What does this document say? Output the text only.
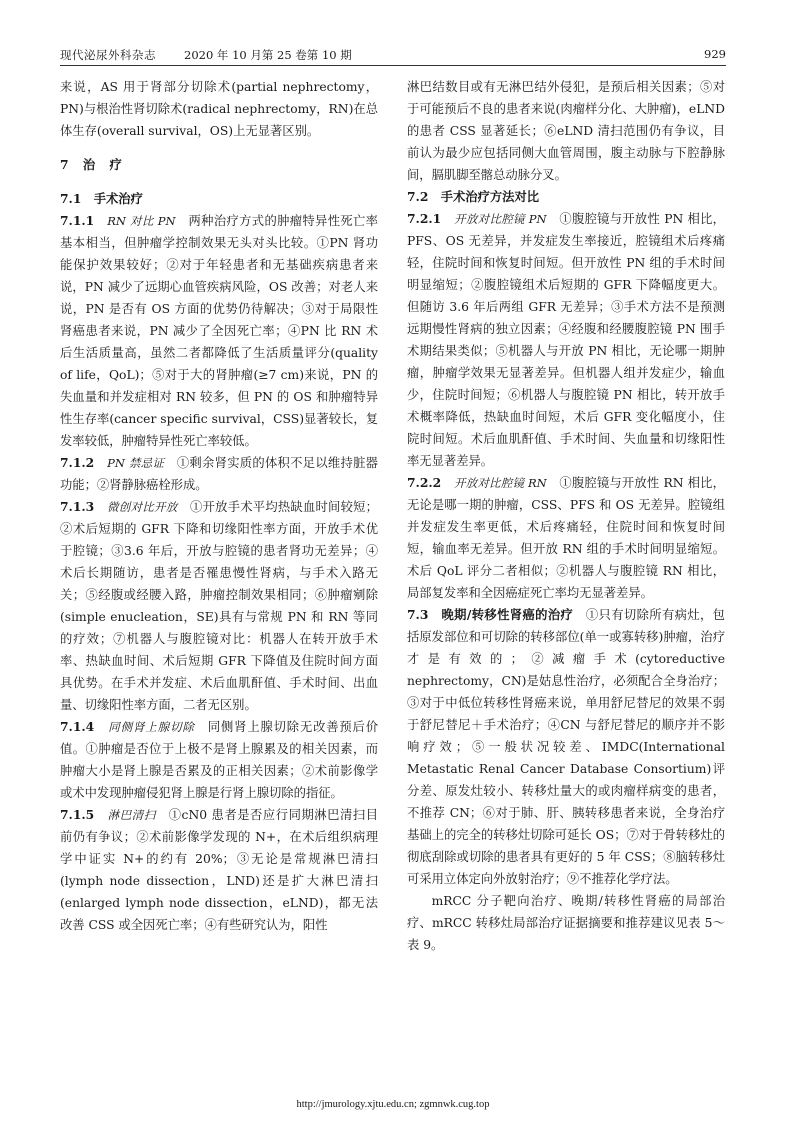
现代泌尿外科杂志 2020 年 10 月第 25 卷第 10 期	929

来说，AS 用于肾部分切除术(partial nephrectomy，PN)与根治性肾切除术(radical nephrectomy，RN)在总体生存(overall survival，OS)上无显著区别。

7　治　疗

7.1　手术治疗

7.1.1　 RN 对比 PN　两种治疗方式的肿瘤特异性死亡率基本相当，但肿瘤学控制效果无头对头比较。①PN 肾功能保护效果较好；②对于年轻患者和无基础疾病患者来说，PN 减少了远期心血管疾病风险，OS 改善；对老人来说，PN 是否有 OS 方面的优势仍待解决；③对于局限性肾癌患者来说，PN 减少了全因死亡率；④PN 比 RN 术后生活质量高，虽然二者都降低了生活质量评分(quality of life，QoL)；⑤对于大的肾肿瘤(≥7 cm)来说，PN 的失血量和并发症相对 RN 较多，但 PN 的 OS 和肿瘤特异性生存率(cancer specific survival，CSS)显著较长，复发率较低，肿瘤特异性死亡率较低。

7.1.2　 PN 禁忌证　①剩余肾实质的体积不足以维持脏器功能；②肾静脉癌栓形成。

7.1.3　 微创对比开放　①开放手术平均热缺血时间较短；②术后短期的 GFR 下降和切缘阳性率方面，开放手术优于腔镜；③3.6 年后，开放与腔镜的患者肾功无差异；④术后长期随访，患者是否罹患慢性肾病，与手术入路无关；⑤经腹或经腰入路，肿瘤控制效果相同；⑥肿瘤剜除(simple enucleation，SE)具有与常规 PN 和 RN 等同的疗效；⑦机器人与腹腔镜对比：机器人在转开放手术率、热缺血时间、术后短期 GFR 下降值及住院时间方面具优势。在手术并发症、术后血肌酐值、手术时间、出血量、切缘阳性率方面，二者无区别。

7.1.4　 同侧肾上腺切除　同侧肾上腺切除无改善预后价值。①肿瘤是否位于上极不是肾上腺累及的相关因素，而肿瘤大小是肾上腺是否累及的正相关因素；②术前影像学或术中发现肿瘤侵犯肾上腺是行肾上腺切除的指征。

7.1.5　 淋巴清扫　①cN0 患者是否应行同期淋巴清扫目前仍有争议；②术前影像学发现的 N+，在术后组织病理学中证实 N+的约有 20%；③无论是常规淋巴清扫(lymph node dissection，LND)还是扩大淋巴清扫(enlarged lymph node dissection，eLND)，都无法改善 CSS 或全因死亡率；④有些研究认为，阳性

淋巴结数目或有无淋巴结外侵犯，是预后相关因素；⑤对于可能预后不良的患者来说(肉瘤样分化、大肿瘤)，eLND 的患者 CSS 显著延长；⑥eLND 清扫范围仍有争议，目前认为最少应包括同侧大血管周围，腹主动脉与下腔静脉间，膈肌脚至髂总动脉分叉。

7.2　手术治疗方法对比

7.2.1　 开放对比腔镜 PN　①腹腔镜与开放性 PN 相比，PFS、OS 无差异，并发症发生率接近，腔镜组术后疼痛轻，住院时间和恢复时间短。但开放性 PN 组的手术时间明显缩短；②腹腔镜组术后短期的 GFR 下降幅度更大。但随访 3.6 年后两组 GFR 无差异；③手术方法不是预测远期慢性肾病的独立因素；④经腹和经腰腹腔镜 PN 围手术期结果类似；⑤机器人与开放 PN 相比，无论哪一期肿瘤，肿瘤学效果无显著差异。但机器人组并发症少，输血少，住院时间短；⑥机器人与腹腔镜 PN 相比，转开放手术概率降低，热缺血时间短，术后 GFR 变化幅度小，住院时间短。术后血肌酐值、手术时间、失血量和切缘阳性率无显著差异。

7.2.2　 开放对比腔镜 RN　①腹腔镜与开放性 RN 相比，无论是哪一期的肿瘤，CSS、PFS 和 OS 无差异。腔镜组并发症发生率更低，术后疼痛轻，住院时间和恢复时间短，输血率无差异。但开放 RN 组的手术时间明显缩短。术后 QoL 评分二者相似；②机器人与腹腔镜 RN 相比，局部复发率和全因癌症死亡率均无显著差异。

7.3　 晚期/转移性肾癌的治疗　①只有切除所有病灶，包括原发部位和可切除的转移部位(单一或寡转移)肿瘤，治疗才是有效的；②减瘤手术(cytoreductive nephrectomy，CN)是姑息性治疗，必须配合全身治疗；③对于中低位转移性肾癌来说，单用舒尼替尼的效果不弱于舒尼替尼＋手术治疗；④CN 与舒尼替尼的顺序并不影响疗效；⑤一般状况较差、IMDC(International Metastatic Renal Cancer Database Consortium)评分差、原发灶较小、转移灶量大的或肉瘤样病变的患者，不推荐 CN；⑥对于肺、肝、胰转移患者来说，全身治疗基础上的完全的转移灶切除可延长 OS；⑦对于骨转移灶的彻底刮除或切除的患者具有更好的 5 年 CSS；⑧脑转移灶可采用立体定向外放射治疗；⑨不推荐化学疗法。

mRCC 分子靶向治疗、晚期/转移性肾癌的局部治疗、mRCC 转移灶局部治疗证据摘要和推荐建议见表 5～表 9。

http://jmurology.xjtu.edu.cn; zgmnwk.cug.top
